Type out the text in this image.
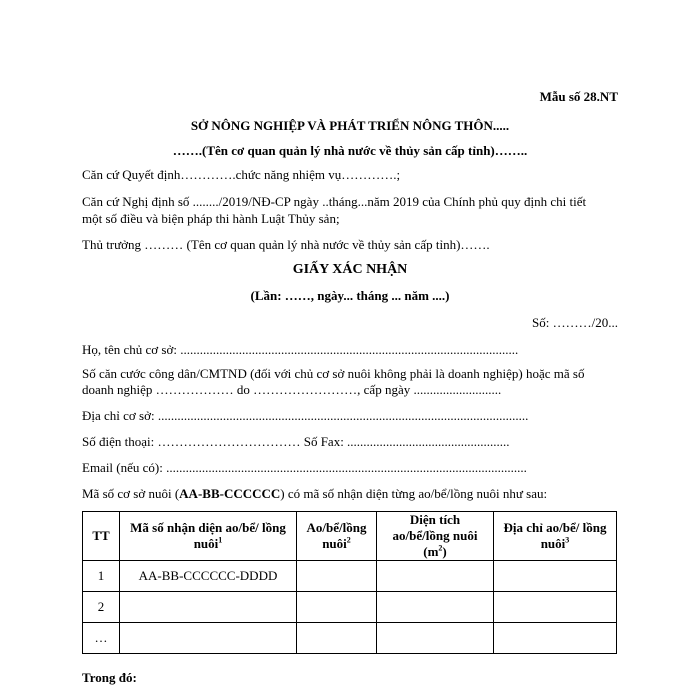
Mẫu số 28.NT
SỞ NÔNG NGHIỆP VÀ PHÁT TRIỂN NÔNG THÔN.....
…….(Tên cơ quan quản lý nhà nước về thủy sản cấp tỉnh)……..
Căn cứ Quyết định………….chức năng nhiệm vụ………….;
Căn cứ Nghị định số ......../2019/NĐ-CP ngày ..tháng...năm 2019 của Chính phủ quy định chi tiết
một số điều và biện pháp thi hành Luật Thủy sản;
Thủ trưởng ……… (Tên cơ quan quản lý nhà nước về thủy sản cấp tỉnh)…….
GIẤY XÁC NHẬN
(Lần: ……, ngày... tháng ... năm ....)
Số: ………/20...
Họ, tên chủ cơ sở: ........................................................................................................
Số căn cước công dân/CMTND (đối với chủ cơ sở nuôi không phải là doanh nghiệp) hoặc mã số
doanh nghiệp ……………… do ……………………, cấp ngày ...........................
Địa chỉ cơ sở: ..................................................................................................................
Số điện thoại: …………………………… Số Fax: ..................................................
Email (nếu có): ...............................................................................................................
Mã số cơ sở nuôi (AA-BB-CCCCCC) có mã số nhận diện từng ao/bể/lồng nuôi như sau:
TT	Mã số nhận diện ao/bể/ lồng nuôi$^1$	Ao/bể/lồng nuôi$^2$	Diện tích ao/bể/lồng nuôi $(m^2)$	Địa chỉ ao/bể/ lồng nuôi$^3$
1	AA-BB-CCCCCC-DDDD			
2				
…				
Trong đó:
